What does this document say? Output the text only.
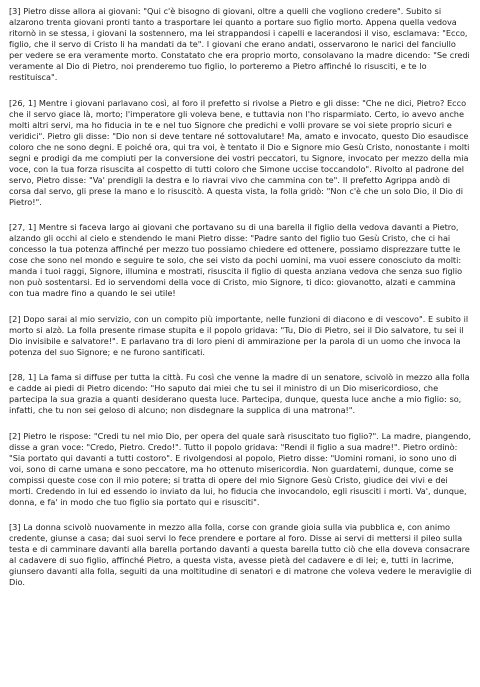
[3] Pietro disse allora ai giovani: "Qui c'è bisogno di giovani, oltre a quelli che vogliono credere". Subito si alzarono trenta giovani pronti tanto a trasportare lei quanto a portare suo figlio morto. Appena quella vedova ritornò in se stessa, i giovani la sostennero, ma lei strappandosi i capelli e lacerandosi il viso, esclamava: "Ecco, figlio, che il servo di Cristo li ha mandati da te". I giovani che erano andati, osservarono le narici del fanciullo per vedere se era veramente morto. Constatato che era proprio morto, consolavano la madre dicendo: "Se credi veramente al Dio di Pietro, noi prenderemo tuo figlio, lo porteremo a Pietro affinché lo risusciti, e te lo restituisca".

[26, 1] Mentre i giovani parlavano così, al foro il prefetto si rivolse a Pietro e gli disse: "Che ne dici, Pietro? Ecco che il servo giace là, morto; l'imperatore gli voleva bene, e tuttavia non l'ho risparmiato. Certo, io avevo anche molti altri servi, ma ho fiducia in te e nel tuo Signore che predichi e volli provare se voi siete proprio sicuri e veridici". Pietro gli disse: "Dio non si deve tentare né sottovalutare! Ma, amato e invocato, questo Dio esaudisce coloro che ne sono degni. E poiché ora, qui tra voi, è tentato il Dio e Signore mio Gesù Cristo, nonostante i molti segni e prodigi da me compiuti per la conversione dei vostri peccatori, tu Signore, invocato per mezzo della mia voce, con la tua forza risuscita al cospetto di tutti coloro che Simone uccise toccandolo". Rivolto al padrone del servo, Pietro disse: "Va' prendigli la destra e lo riavrai vivo che cammina con te". Il prefetto Agrippa andò di corsa dal servo, gli prese la mano e lo risuscitò. A questa vista, la folla gridò: "Non c'è che un solo Dio, il Dio di Pietro!".

[27, 1] Mentre si faceva largo ai giovani che portavano su di una barella il figlio della vedova davanti a Pietro, alzando gli occhi al cielo e stendendo le mani Pietro disse: "Padre santo del figlio tuo Gesù Cristo, che ci hai concesso la tua potenza affinché per mezzo tuo possiamo chiedere ed ottenere, possiamo disprezzare tutte le cose che sono nel mondo e seguire te solo, che sei visto da pochi uomini, ma vuoi essere conosciuto da molti: manda i tuoi raggi, Signore, illumina e mostrati, risuscita il figlio di questa anziana vedova che senza suo figlio non può sostentarsi. Ed io servendomi della voce di Cristo, mio Signore, ti dico: giovanotto, alzati e cammina con tua madre fino a quando le sei utile!

[2] Dopo sarai al mio servizio, con un compito più importante, nelle funzioni di diacono e di vescovo". E subito il morto si alzò. La folla presente rimase stupita e il popolo gridava: "Tu, Dio di Pietro, sei il Dio salvatore, tu sei il Dio invisibile e salvatore!". E parlavano tra di loro pieni di ammirazione per la parola di un uomo che invoca la potenza del suo Signore; e ne furono santificati.

[28, 1] La fama si diffuse per tutta la città. Fu così che venne la madre di un senatore, scivolò in mezzo alla folla e cadde ai piedi di Pietro dicendo: "Ho saputo dai miei che tu sei il ministro di un Dio misericordioso, che partecipa la sua grazia a quanti desiderano questa luce. Partecipa, dunque, questa luce anche a mio figlio: so, infatti, che tu non sei geloso di alcuno; non disdegnare la supplica di una matrona!".

[2] Pietro le rispose: "Credi tu nel mio Dio, per opera del quale sarà risuscitato tuo figlio?". La madre, piangendo, disse a gran voce: "Credo, Pietro. Credo!". Tutto il popolo gridava: "Rendi il figlio a sua madre!". Pietro ordinò: "Sia portato qui davanti a tutti costoro". E rivolgendosi al popolo, Pietro disse: "Uomini romani, io sono uno di voi, sono di carne umana e sono peccatore, ma ho ottenuto misericordia. Non guardatemi, dunque, come se compissi queste cose con il mio potere; si tratta di opere del mio Signore Gesù Cristo, giudice dei vivi e dei morti. Credendo in lui ed essendo io inviato da lui, ho fiducia che invocandolo, egli risusciti i morti. Va', dunque, donna, e fa' in modo che tuo figlio sia portato qui e risusciti".

[3] La donna scivolò nuovamente in mezzo alla folla, corse con grande gioia sulla via pubblica e, con animo credente, giunse a casa; dai suoi servi lo fece prendere e portare al foro. Disse ai servi di mettersi il pileo sulla testa e di camminare davanti alla barella portando davanti a questa barella tutto ciò che ella doveva consacrare al cadavere di suo figlio, affinché Pietro, a questa vista, avesse pietà del cadavere e di lei; e, tutti in lacrime, giunsero davanti alla folla, seguiti da una moltitudine di senatori e di matrone che voleva vedere le meraviglie di Dio.
